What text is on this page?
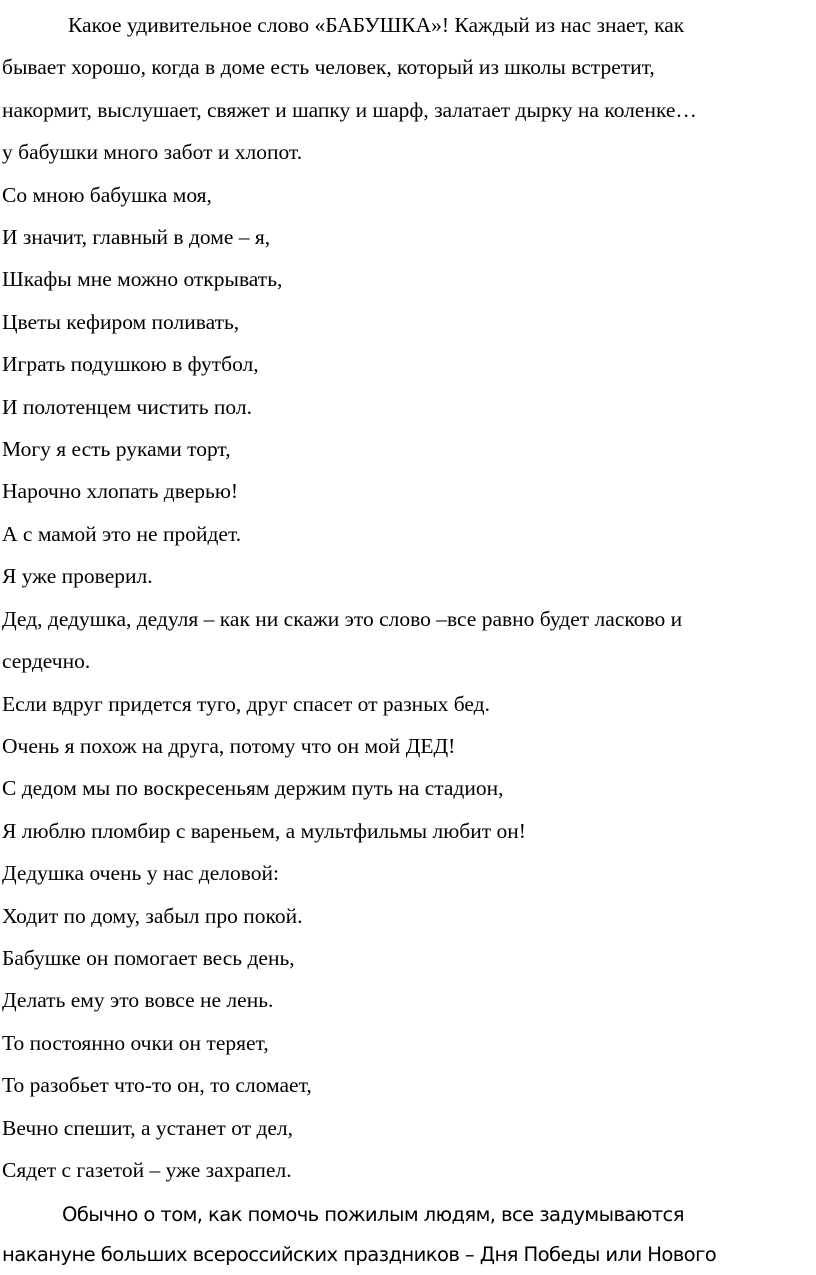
Какое удивительное слово «БАБУШКА»! Каждый из нас знает, как

бывает хорошо, когда в доме есть человек, который из школы встретит,

накормит, выслушает, свяжет и шапку и шарф, залатает дырку на коленке…

у бабушки много забот и хлопот.

Со мною бабушка моя,

И значит, главный в доме – я,

Шкафы мне можно открывать,

Цветы кефиром поливать,

Играть подушкою в футбол,

И полотенцем чистить пол.

Могу я есть руками торт,

Нарочно хлопать дверью!

А с мамой это не пройдет.

Я уже проверил.

Дед, дедушка, дедуля – как ни скажи это слово –все равно будет ласково и

сердечно.

Если вдруг придется туго, друг спасет от разных бед.

Очень я похож на друга, потому что он мой ДЕД!

С дедом мы по воскресеньям держим путь на стадион,

Я люблю пломбир с вареньем, а мультфильмы любит он!

Дедушка очень у нас деловой:

Ходит по дому, забыл про покой.

Бабушке он помогает весь день,

Делать ему это вовсе не лень.

То постоянно очки он теряет,

То разобьет что-то он, то сломает,

Вечно спешит, а устанет от дел,

Сядет с газетой – уже захрапел.

Обычно о том, как помочь пожилым людям, все задумываются

накануне больших всероссийских праздников – Дня Победы или Нового
